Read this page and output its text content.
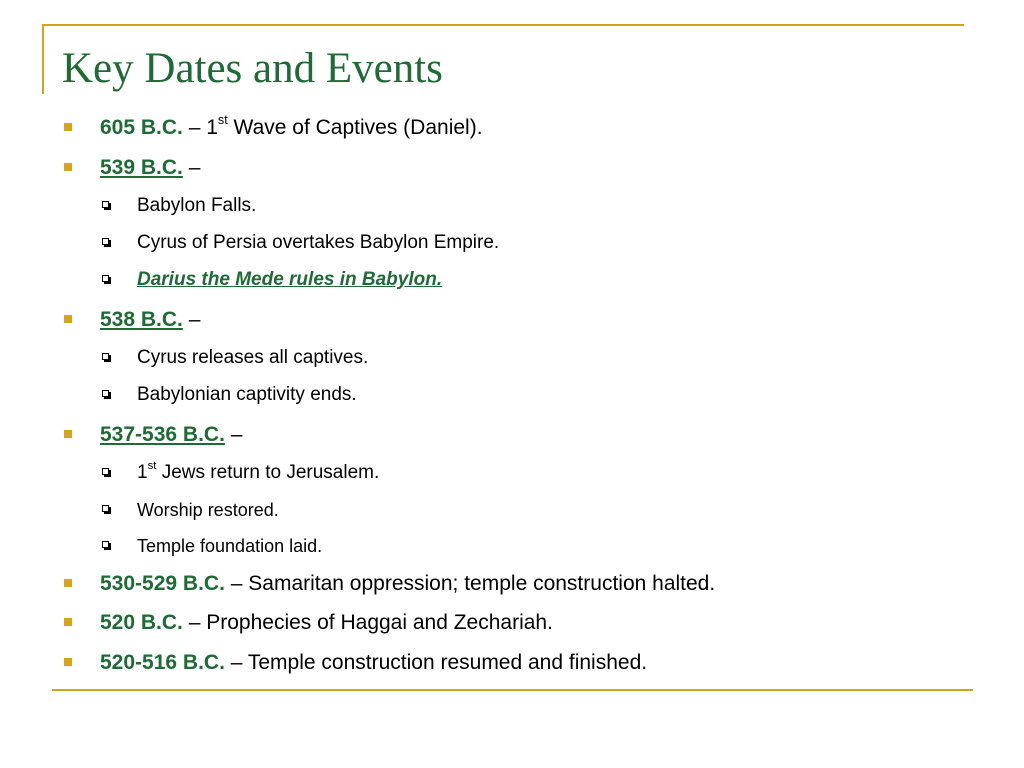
Key Dates and Events
605 B.C. – 1st Wave of Captives (Daniel).
539 B.C. –
Babylon Falls.
Cyrus of Persia overtakes Babylon Empire.
Darius the Mede rules in Babylon.
538 B.C. –
Cyrus releases all captives.
Babylonian captivity ends.
537-536 B.C. –
1st Jews return to Jerusalem.
Worship restored.
Temple foundation laid.
530-529 B.C. – Samaritan oppression; temple construction halted.
520 B.C. – Prophecies of Haggai and Zechariah.
520-516 B.C. – Temple construction resumed and finished.
